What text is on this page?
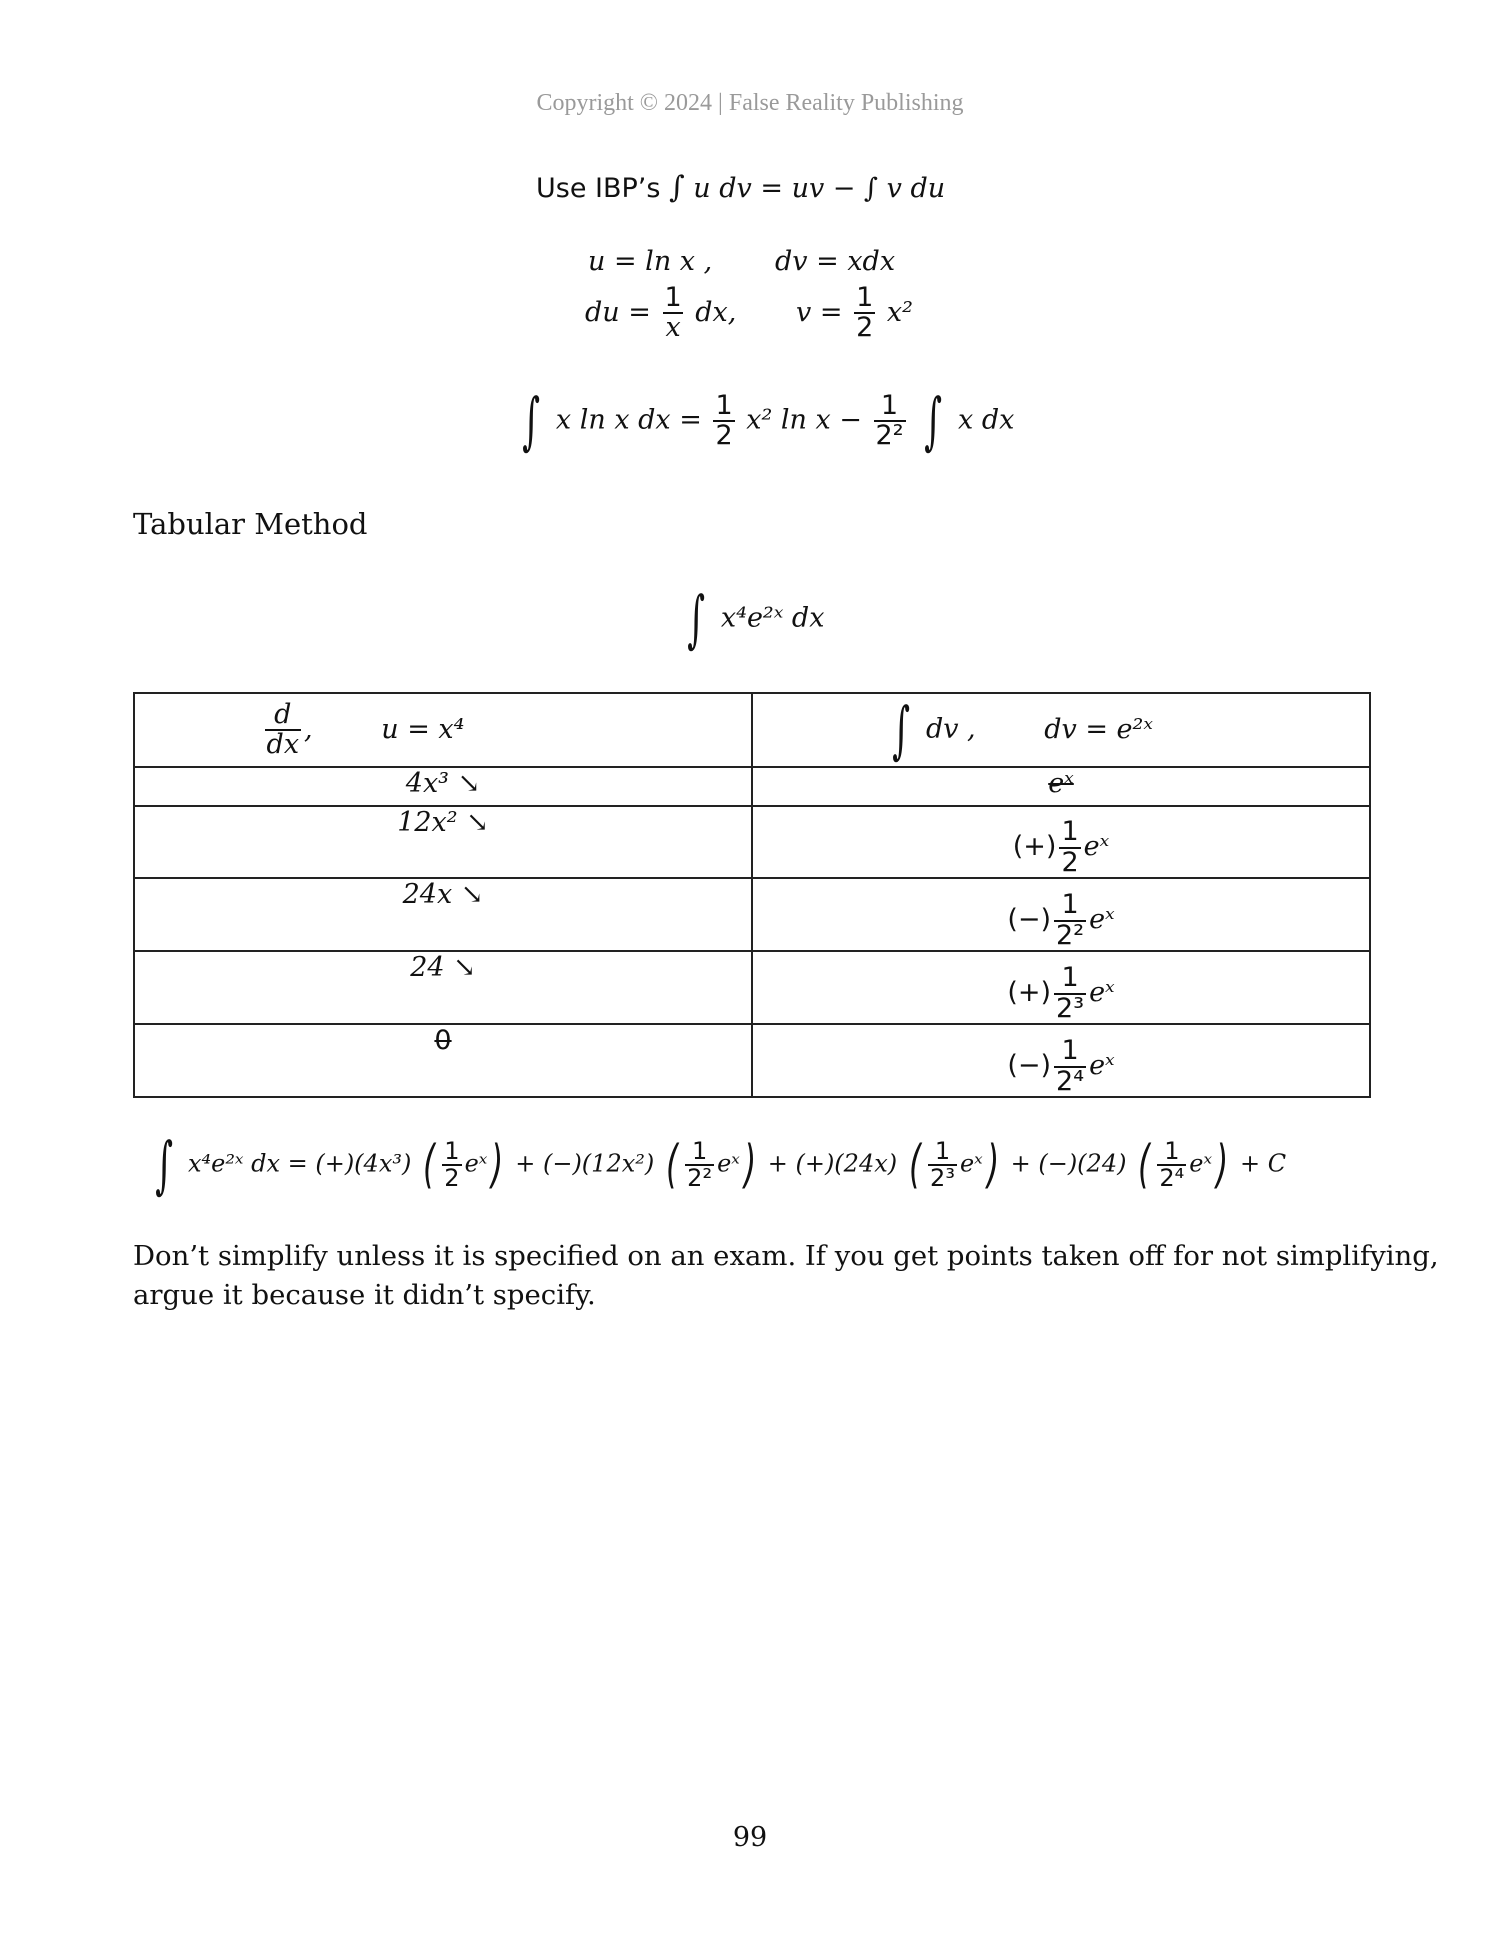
Copyright © 2024 | False Reality Publishing
Use IBP’s ∫ u dv = uv − ∫ v du
u = ln x , dv = xdx
du = $\frac{1}{x}$ dx, $v = \frac{1}{2} x^2$
∫ x ln x dx = $\frac{1}{2} x^2$ $\ln x - \frac{1}{\text{2²}}$ ∫ x dx
Tabular Method
∫ x⁴e²ˣ dx
$\frac{d}{dx}$ , u = x⁴	∫ dv , dv = e²ˣ
4x³ ↘	eˣ
12x² ↘	(+) $\frac{1}{2}$ eˣ
24x ↘	(−) $\frac{1}{\text{2²}}$ eˣ
24 ↘	(+) $\frac{1}{\text{2³}}$ eˣ
0	(−) $\frac{1}{\text{2⁴}}$ eˣ
∫ x⁴e²ˣ dx = (+)(4x³) ( $\frac{1}{2}$ eˣ) + (−)(12x²) ( $\frac{1}{\text{2²}}$ eˣ) + (+)(24x) ( $\frac{1}{\text{2³}}$ eˣ) + (−)(24) ( $\frac{1}{\text{2⁴}}$ eˣ) + C
Don’t simplify unless it is specified on an exam. If you get points taken off for not simplifying,
argue it because it didn’t specify.
99
